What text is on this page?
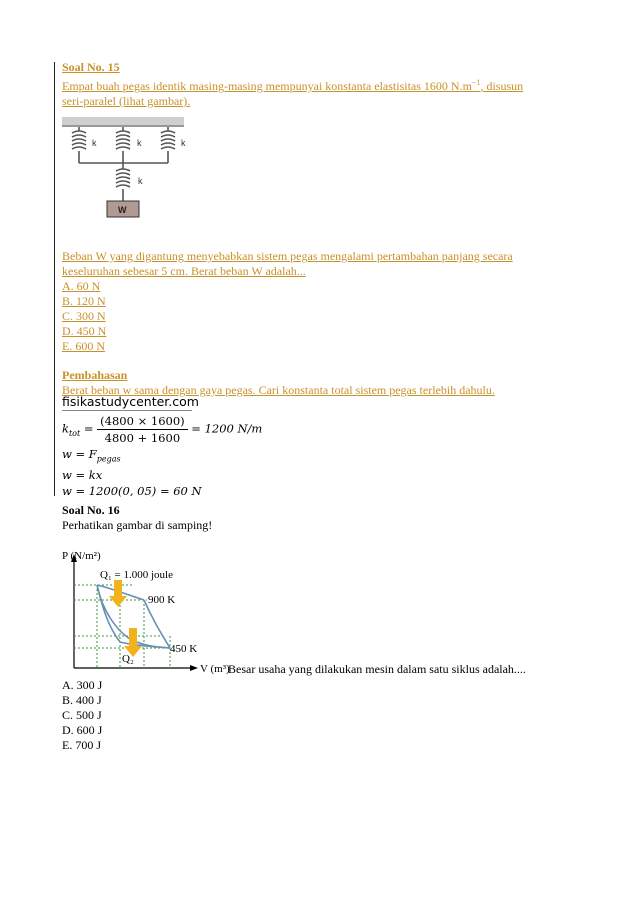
Soal No. 15

Empat buah pegas identik masing-masing mempunyai konstanta elastisitas 1600 $N.m^{-1}$, disusun
seri-paralel (lihat gambar).

k	k	k
k
W

Beban W yang digantung menyebabkan sistem pegas mengalami pertambahan panjang secara
keseluruhan sebesar 5 cm. Berat beban W adalah...

A. 60 N

B. 120 N

C. 300 N

D. 450 N

E. 600 N

Pembahasan

Berat beban w sama dengan gaya pegas. Cari konstanta total sistem pegas terlebih dahulu.

fisikastudycenter.com
$k_{tot} = \frac{(4800 \times 1600)}{4800 + 1600} = 1200$ N/m
$w = F_{pegas}$
w = kx
w = 1200(0, 05) = 60 N

Soal No. 16

Perhatikan gambar di samping!

P (N/m²)
V (m³)
Q₁ = 1.000 joule
900 K
450 K
Q₂
Besar usaha yang dilakukan mesin dalam satu siklus adalah....

A. 300 J

B. 400 J

C. 500 J

D. 600 J

E. 700 J
